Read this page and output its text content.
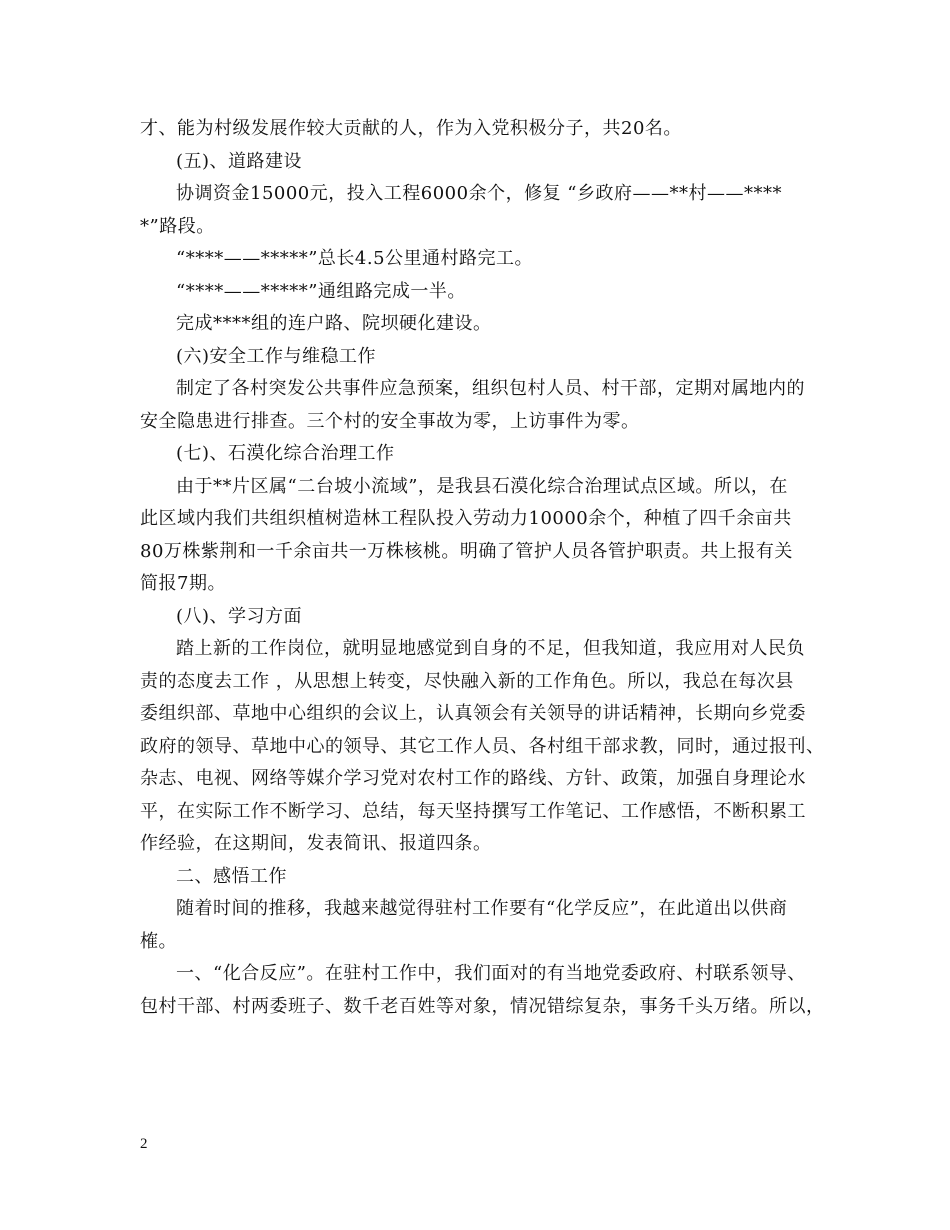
才、能为村级发展作较大贡献的人，作为入党积极分子，共20名。
(五)、道路建设
协调资金15000元，投入工程6000余个，修复 “乡政府——**村——****
*”路段。
“****——*****”总长4.5公里通村路完工。
“****——*****”通组路完成一半。
完成****组的连户路、院坝硬化建设。
(六)安全工作与维稳工作
制定了各村突发公共事件应急预案，组织包村人员、村干部，定期对属地内的
安全隐患进行排查。三个村的安全事故为零，上访事件为零。
(七)、石漠化综合治理工作
由于**片区属“二台坡小流域”，是我县石漠化综合治理试点区域。所以，在
此区域内我们共组织植树造林工程队投入劳动力10000余个，种植了四千余亩共
80万株紫荆和一千余亩共一万株核桃。明确了管护人员各管护职责。共上报有关
简报7期。
(八)、学习方面
踏上新的工作岗位，就明显地感觉到自身的不足，但我知道，我应用对人民负
责的态度去工作 ，从思想上转变，尽快融入新的工作角色。所以，我总在每次县
委组织部、草地中心组织的会议上，认真领会有关领导的讲话精神，长期向乡党委
政府的领导、草地中心的领导、其它工作人员、各村组干部求教，同时，通过报刊、
杂志、电视、网络等媒介学习党对农村工作的路线、方针、政策，加强自身理论水
平，在实际工作不断学习、总结，每天坚持撰写工作笔记、工作感悟，不断积累工
作经验，在这期间，发表简讯、报道四条。
二、感悟工作
随着时间的推移，我越来越觉得驻村工作要有“化学反应”，在此道出以供商
榷。
一、“化合反应”。在驻村工作中，我们面对的有当地党委政府、村联系领导、
包村干部、村两委班子、数千老百姓等对象，情况错综复杂，事务千头万绪。所以，
2
